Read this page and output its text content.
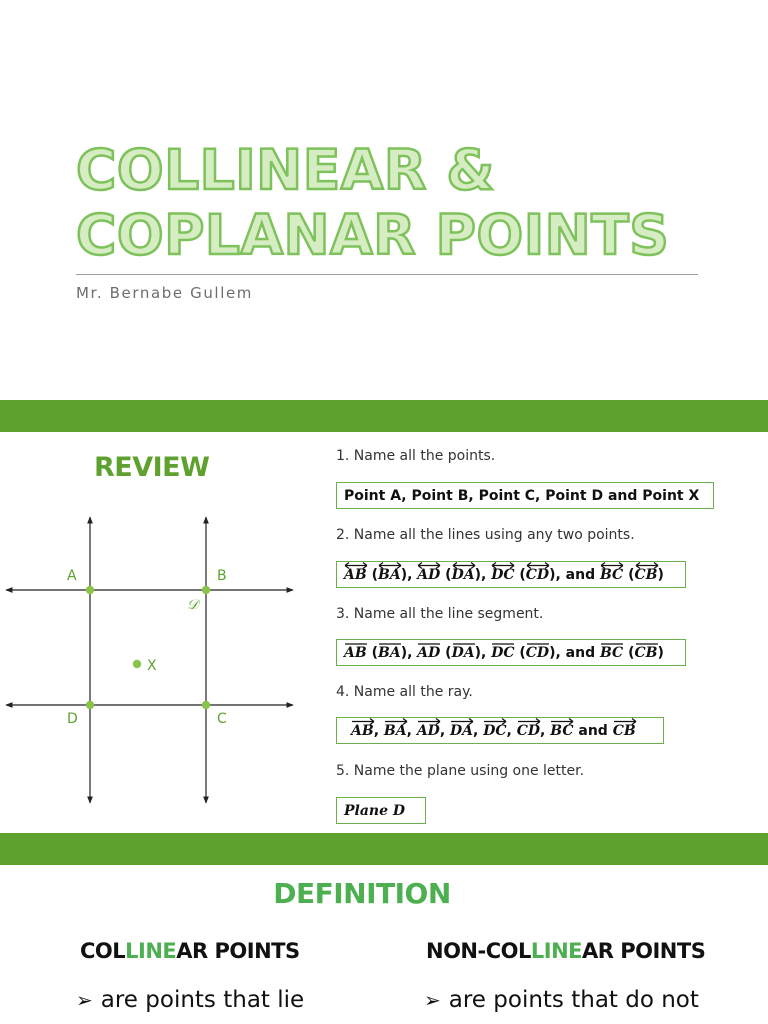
COLLINEAR &
COPLANAR POINTS
Mr. Bernabe Gullem
REVIEW
A	B
𝒟
X
D	C
1. Name all the points.
Point A, Point B, Point C, Point D and Point X
2. Name all the lines using any two points.
AB ( BA ), AD ( DA ), DC ( CD ), and BC ( CB )
3. Name all the line segment.
AB ( BA ), AD ( DA ), DC ( CD ), and BC ( CB )
4. Name all the ray.
AB , BA , AD , DA , DC , CD , BC and CB
5. Name the plane using one letter.
Plane D
DEFINITION
COLLINEAR POINTS	NON-COLLINEAR POINTS
➢ are points that lie	➢ are points that do not
